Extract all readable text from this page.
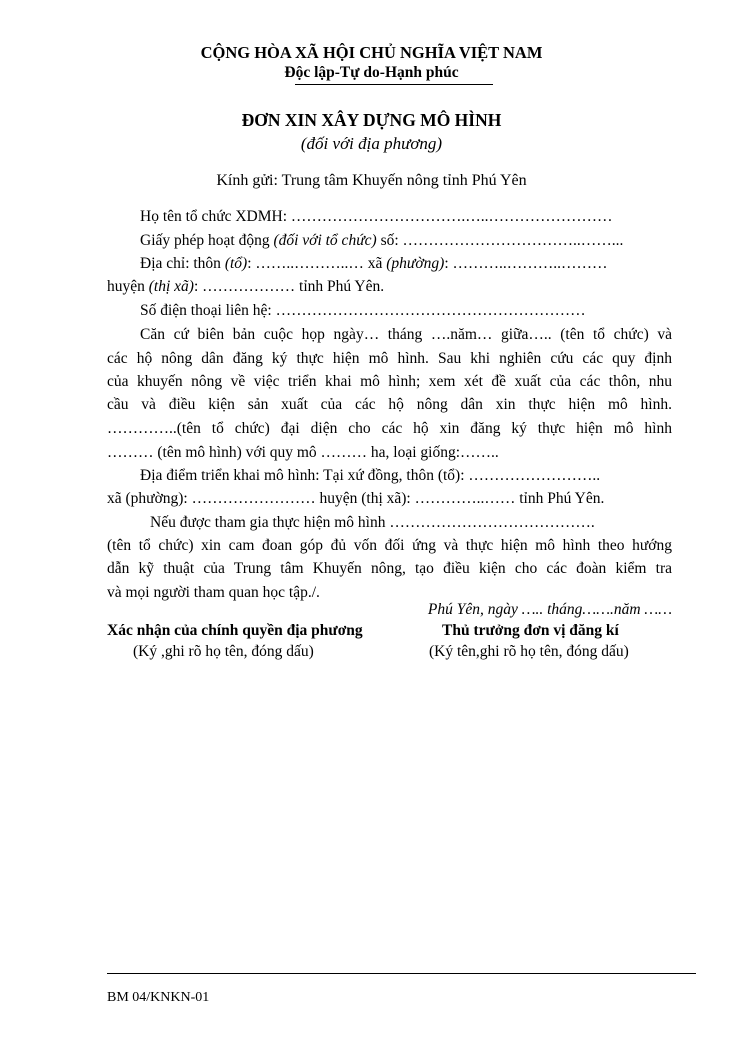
CỘNG HÒA XÃ HỘI CHỦ NGHĨA VIỆT NAM
Độc lập-Tự do-Hạnh phúc
ĐƠN XIN XÂY DỰNG MÔ HÌNH
(đối với địa phương)
Kính gửi: Trung tâm Khuyến nông tỉnh Phú Yên
Họ tên tổ chức XDMH: …………………………….…..……………………
Giấy phép hoạt động (đối với tổ chức) số: ……………………………..……...
Địa chỉ: thôn (tổ): ……..………..… xã (phường): ………..………..………
huyện (thị xã): ……………… tỉnh Phú Yên.
Số điện thoại liên hệ: ……………………………………………………
Căn cứ biên bản cuộc họp ngày… tháng ….năm… giữa….. (tên tổ chức) và
các hộ nông dân đăng ký thực hiện mô hình. Sau khi nghiên cứu các quy định
của khuyến nông về việc triển khai mô hình; xem xét đề xuất của các thôn, nhu
cầu và điều kiện sản xuất của các hộ nông dân xin thực hiện mô hình.
…………..(tên tổ chức) đại diện cho các hộ xin đăng ký thực hiện mô hình
……… (tên mô hình) với quy mô ……… ha, loại giống:……..
Địa điểm triển khai mô hình: Tại xứ đồng, thôn (tổ): ……………………..
xã (phường): …………………… huyện (thị xã): …………..…… tỉnh Phú Yên.
Nếu được tham gia thực hiện mô hình ………………………………….
(tên tổ chức) xin cam đoan góp đủ vốn đối ứng và thực hiện mô hình theo hướng
dẫn kỹ thuật của Trung tâm Khuyến nông, tạo điều kiện cho các đoàn kiểm tra
và mọi người tham quan học tập./.
Phú Yên, ngày ….. tháng…….năm ……
Xác nhận của chính quyền địa phương
(Ký ,ghi rõ họ tên, đóng dấu)
Thủ trưởng đơn vị đăng kí
(Ký tên,ghi rõ họ tên, đóng dấu)
BM 04/KNKN-01
